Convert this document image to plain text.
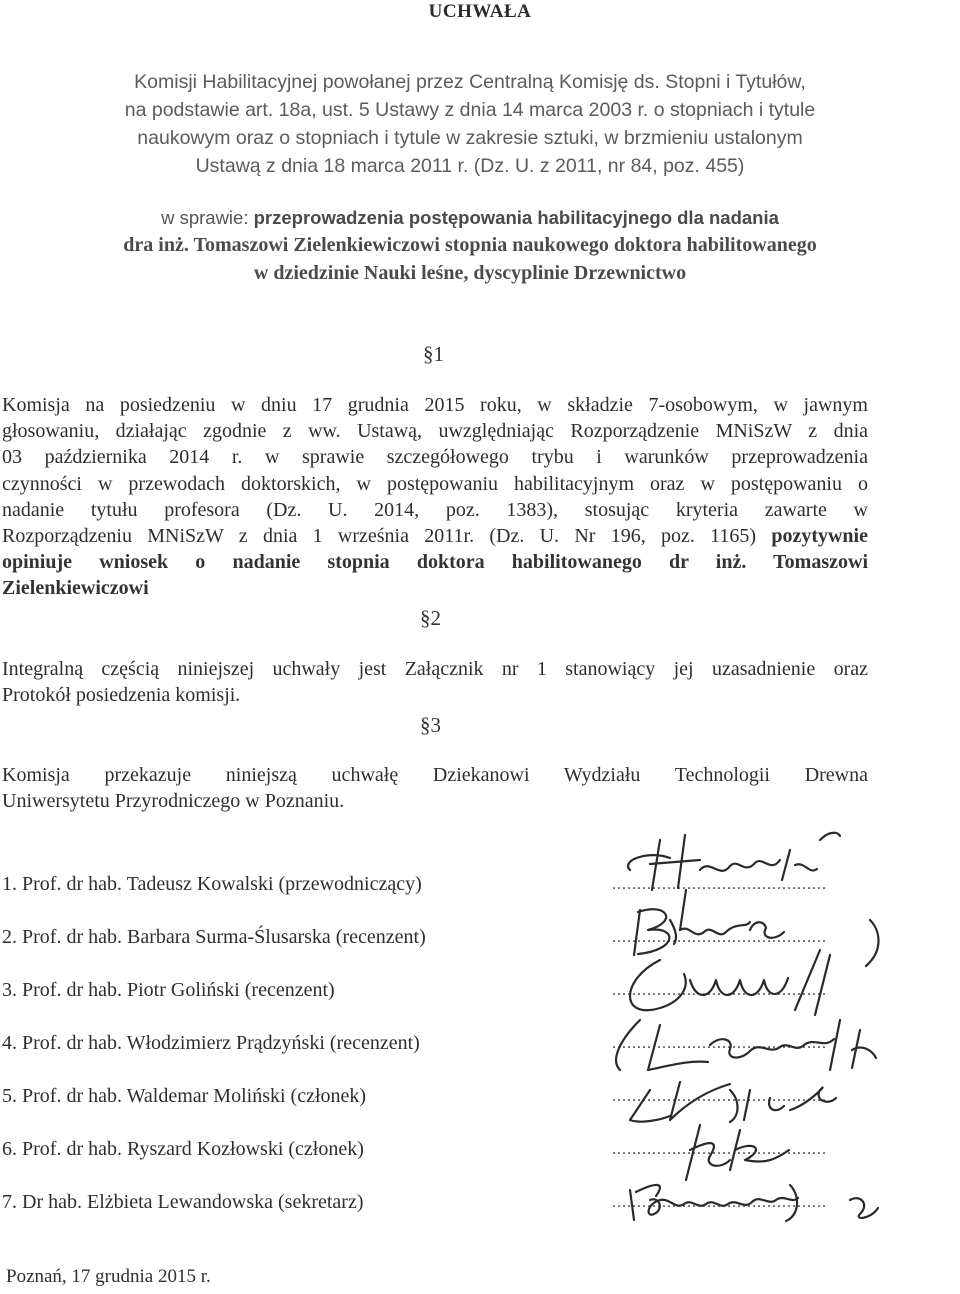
UCHWAŁA
Komisji Habilitacyjnej powołanej przez Centralną Komisję ds. Stopni i Tytułów,
na podstawie art. 18a, ust. 5 Ustawy z dnia 14 marca 2003 r. o stopniach i tytule
naukowym oraz o stopniach i tytule w zakresie sztuki, w brzmieniu ustalonym
Ustawą z dnia 18 marca 2011 r. (Dz. U. z 2011, nr 84, poz. 455)
w sprawie: przeprowadzenia postępowania habilitacyjnego dla nadania
dra inż. Tomaszowi Zielenkiewiczowi stopnia naukowego doktora habilitowanego
w dziedzinie Nauki leśne, dyscyplinie Drzewnictwo
§1
Komisja na posiedzeniu w dniu 17 grudnia 2015 roku, w składzie 7-osobowym, w jawnym
głosowaniu, działając zgodnie z ww. Ustawą, uwzględniając Rozporządzenie MNiSzW z dnia
03 października 2014 r. w sprawie szczegółowego trybu i warunków przeprowadzenia
czynności w przewodach doktorskich, w postępowaniu habilitacyjnym oraz w postępowaniu o
nadanie tytułu profesora (Dz. U. 2014, poz. 1383), stosując kryteria zawarte w
Rozporządzeniu MNiSzW z dnia 1 września 2011r. (Dz. U. Nr 196, poz. 1165) pozytywnie
opiniuje wniosek o nadanie stopnia doktora habilitowanego dr inż. Tomaszowi
Zielenkiewiczowi
§2
Integralną częścią niniejszej uchwały jest Załącznik nr 1 stanowiący jej uzasadnienie oraz
Protokół posiedzenia komisji.
§3
Komisja przekazuje niniejszą uchwałę Dziekanowi Wydziału Technologii Drewna
Uniwersytetu Przyrodniczego w Poznaniu.
1. Prof. dr hab. Tadeusz Kowalski (przewodniczący)
2. Prof. dr hab. Barbara Surma-Ślusarska (recenzent)
3. Prof. dr hab. Piotr Goliński (recenzent)
4. Prof. dr hab. Włodzimierz Prądzyński (recenzent)
5. Prof. dr hab. Waldemar Moliński (członek)
6. Prof. dr hab. Ryszard Kozłowski (członek)
7. Dr hab. Elżbieta Lewandowska (sekretarz)
...........................................
...........................................
...........................................
...........................................
...........................................
...........................................
...........................................
Poznań, 17 grudnia 2015 r.
